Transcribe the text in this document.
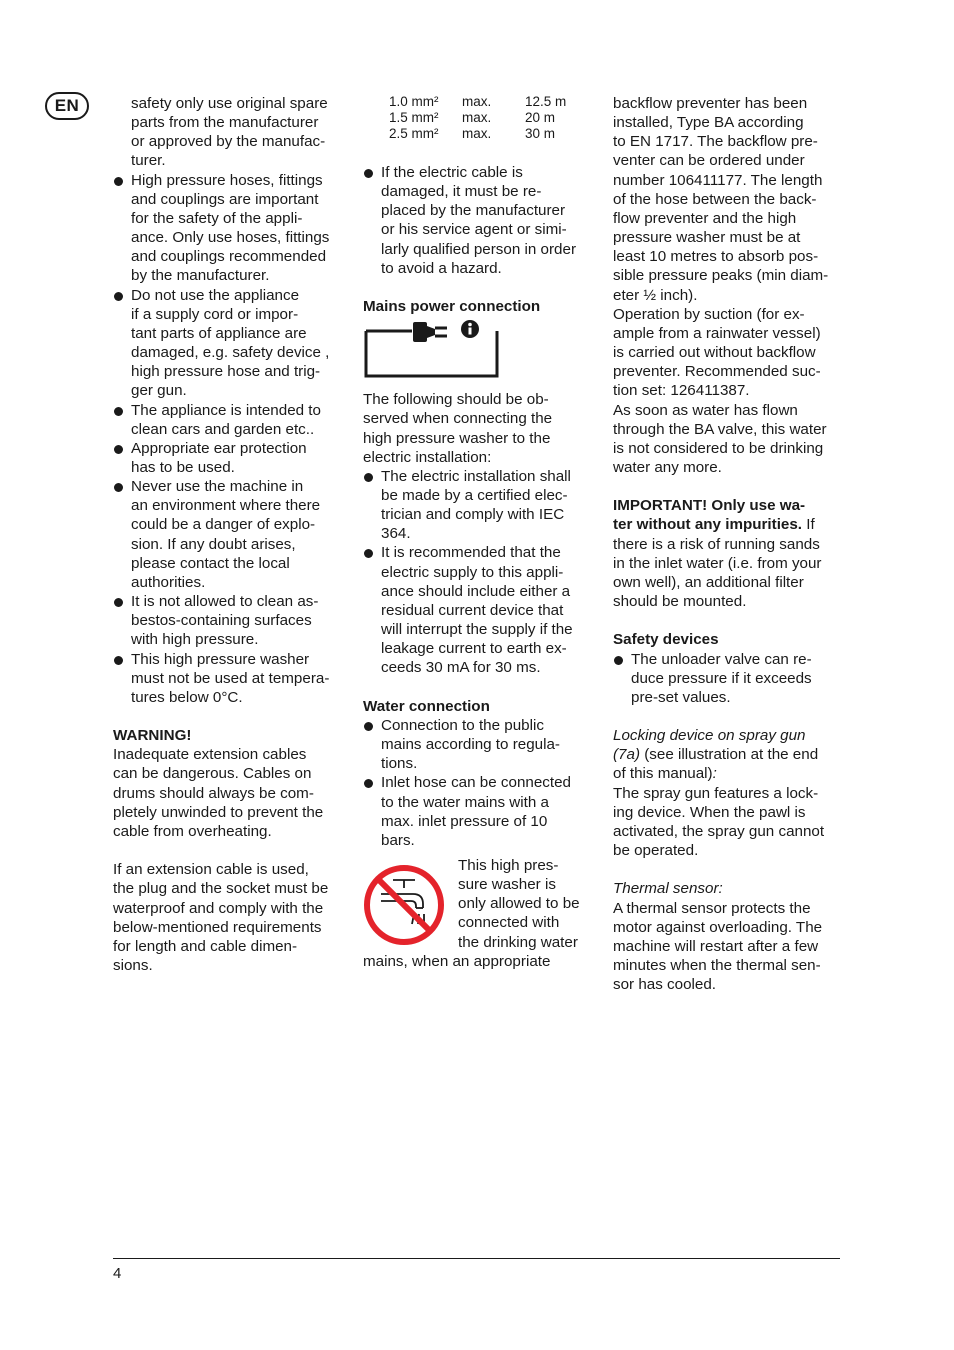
EN	safety only use original spare
parts from the manufacturer
or approved by the manufac-
turer.
High pressure hoses, fittings
and couplings are important
for the safety of the appli-
ance. Only use hoses, fittings
and couplings recommended
by the manufacturer.
Do not use the appliance
if a supply cord or impor-
tant parts of appliance are
damaged, e.g. safety device ,
high pressure hose and trig-
ger gun.
The appliance is intended to
clean cars and garden etc..
Appropriate ear protection
has to be used.
Never use the machine in
an environment where there
could be a danger of explo-
sion. If any doubt arises,
please contact the local
authorities.
It is not allowed to clean as-
bestos-containing surfaces
with high pressure.
This high pressure washer
must not be used at tempera-
tures below 0°C.
WARNING!
Inadequate extension cables
can be dangerous. Cables on
drums should always be com-
pletely unwinded to prevent the
cable from overheating.
If an extension cable is used,
the plug and the socket must be
waterproof and comply with the
below-mentioned requirements
for length and cable dimen-
sions.
1.0 mm²	max.	12.5 m
1.5 mm²	max.	20 m
2.5 mm²	max.	30 m
If the electric cable is
damaged, it must be re-
placed by the manufacturer
or his service agent or simi-
larly qualified person in order
to avoid a hazard.
Mains power connection
The following should be ob-
served when connecting the
high pressure washer to the
electric installation:
The electric installation shall
be made by a certified elec-
trician and comply with IEC
364.
It is recommended that the
electric supply to this appli-
ance should include either a
residual current device that
will interrupt the supply if the
leakage current to earth ex-
ceeds 30 mA for 30 ms.
Water connection
Connection to the public
mains according to regula-
tions.
Inlet hose can be connected
to the water mains with a
max. inlet pressure of 10
bars.
This high pres-
sure washer is
only allowed to be
connected with
the drinking water
mains, when an appropriate
backflow preventer has been
installed, Type BA according
to EN 1717. The backflow pre-
venter can be ordered under
number 106411177. The length
of the hose between the back-
flow preventer and the high
pressure washer must be at
least 10 metres to absorb pos-
sible pressure peaks (min diam-
eter ½ inch).
Operation by suction (for ex-
ample from a rainwater vessel)
is carried out without backflow
preventer. Recommended suc-
tion set: 126411387.
As soon as water has flown
through the BA valve, this water
is not considered to be drinking
water any more.
IMPORTANT! Only use wa-
ter without any impurities. If
there is a risk of running sands
in the inlet water (i.e. from your
own well), an additional filter
should be mounted.
Safety devices
The unloader valve can re-
duce pressure if it exceeds
pre-set values.
Locking device on spray gun
(7a) (see illustration at the end
of this manual):
The spray gun features a lock-
ing device. When the pawl is
activated, the spray gun cannot
be operated.
Thermal sensor:
A thermal sensor protects the
motor against overloading. The
machine will restart after a few
minutes when the thermal sen-
sor has cooled.
4
